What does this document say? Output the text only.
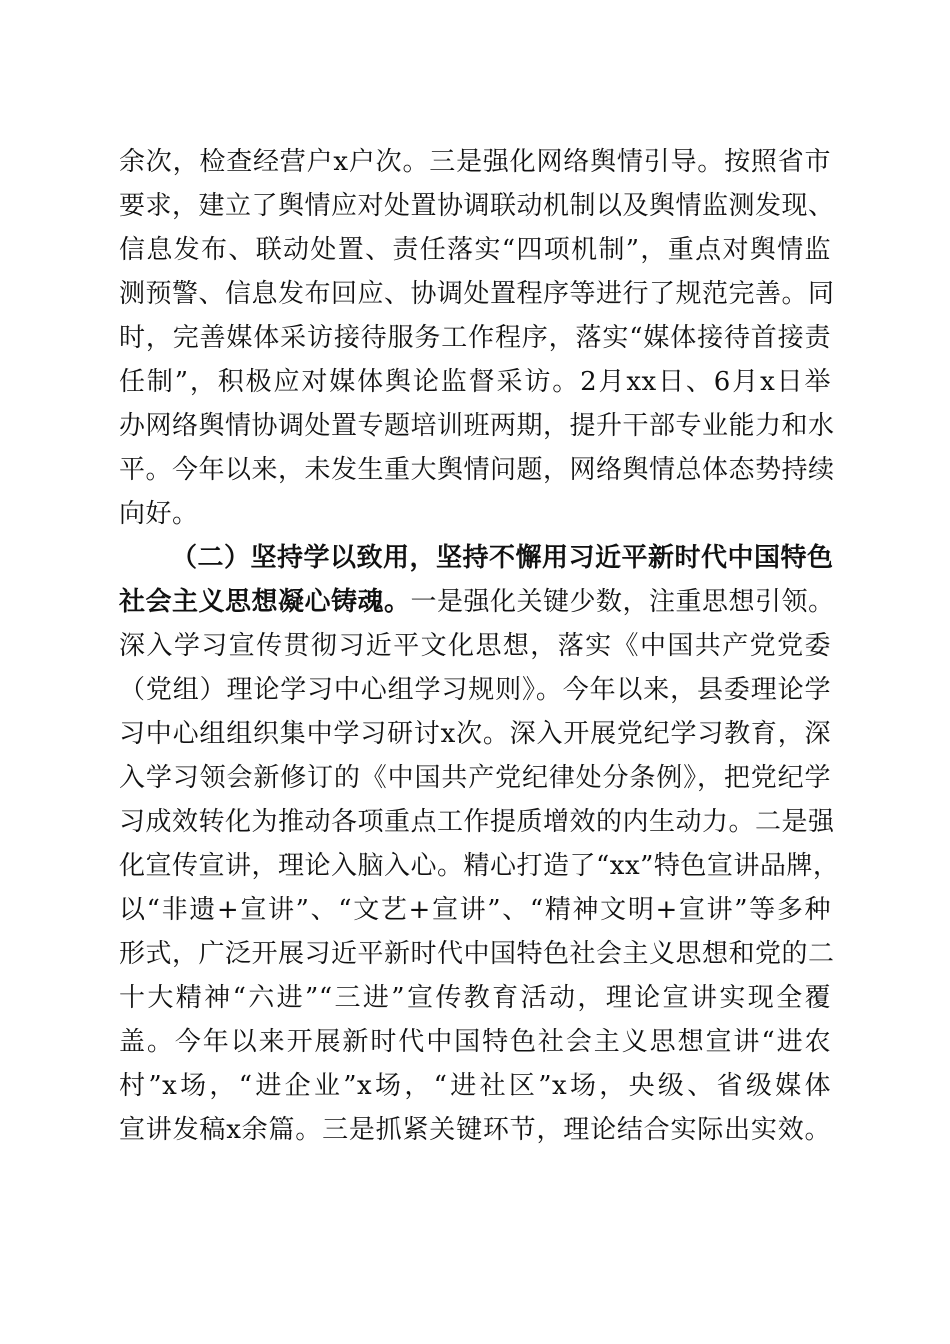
余次，检查经营户x户次。三是强化网络舆情引导。按照省市
要求，建立了舆情应对处置协调联动机制以及舆情监测发现、
信息发布、联动处置、责任落实“四项机制”，重点对舆情监
测预警、信息发布回应、协调处置程序等进行了规范完善。同
时，完善媒体采访接待服务工作程序，落实“媒体接待首接责
任制”，积极应对媒体舆论监督采访。2月xx日、6月x日举
办网络舆情协调处置专题培训班两期，提升干部专业能力和水
平。今年以来，未发生重大舆情问题，网络舆情总体态势持续
向好。
（二）坚持学以致用，坚持不懈用习近平新时代中国特色
社会主义思想凝心铸魂。一是强化关键少数，注重思想引领。
深入学习宣传贯彻习近平文化思想，落实《中国共产党党委
（党组）理论学习中心组学习规则》。今年以来，县委理论学
习中心组组织集中学习研讨x次。深入开展党纪学习教育，深
入学习领会新修订的《中国共产党纪律处分条例》，把党纪学
习成效转化为推动各项重点工作提质增效的内生动力。二是强
化宣传宣讲，理论入脑入心。精心打造了“xx”特色宣讲品牌，
以“非遗+宣讲”、“文艺+宣讲”、“精神文明+宣讲”等多种
形式，广泛开展习近平新时代中国特色社会主义思想和党的二
十大精神“六进”“三进”宣传教育活动，理论宣讲实现全覆
盖。今年以来开展新时代中国特色社会主义思想宣讲“进农
村”x场，“进企业”x场，“进社区”x场，央级、省级媒体
宣讲发稿x余篇。三是抓紧关键环节，理论结合实际出实效。
